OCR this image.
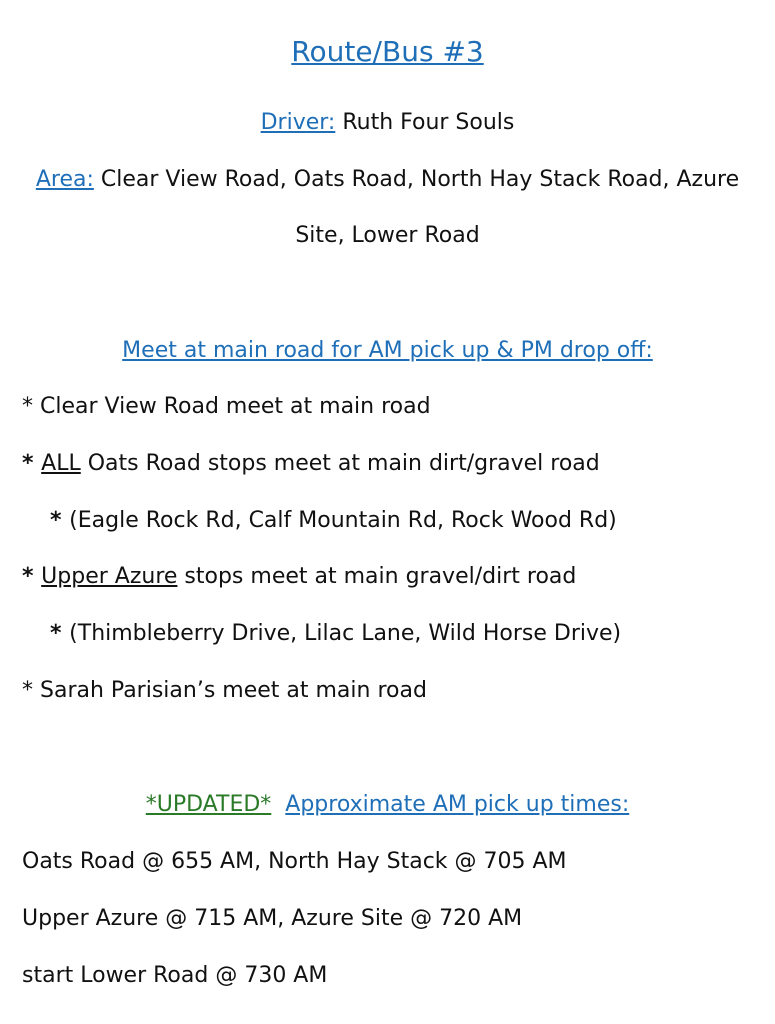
Route/Bus #3
Driver: Ruth Four Souls
Area: Clear View Road, Oats Road, North Hay Stack Road, Azure
Site, Lower Road
Meet at main road for AM pick up & PM drop off:
* Clear View Road meet at main road
* ALL Oats Road stops meet at main dirt/gravel road
* (Eagle Rock Rd, Calf Mountain Rd, Rock Wood Rd)
* Upper Azure stops meet at main gravel/dirt road
* (Thimbleberry Drive, Lilac Lane, Wild Horse Drive)
* Sarah Parisian’s meet at main road
*UPDATED* Approximate AM pick up times:
Oats Road @ 655 AM, North Hay Stack @ 705 AM
Upper Azure @ 715 AM, Azure Site @ 720 AM
start Lower Road @ 730 AM
